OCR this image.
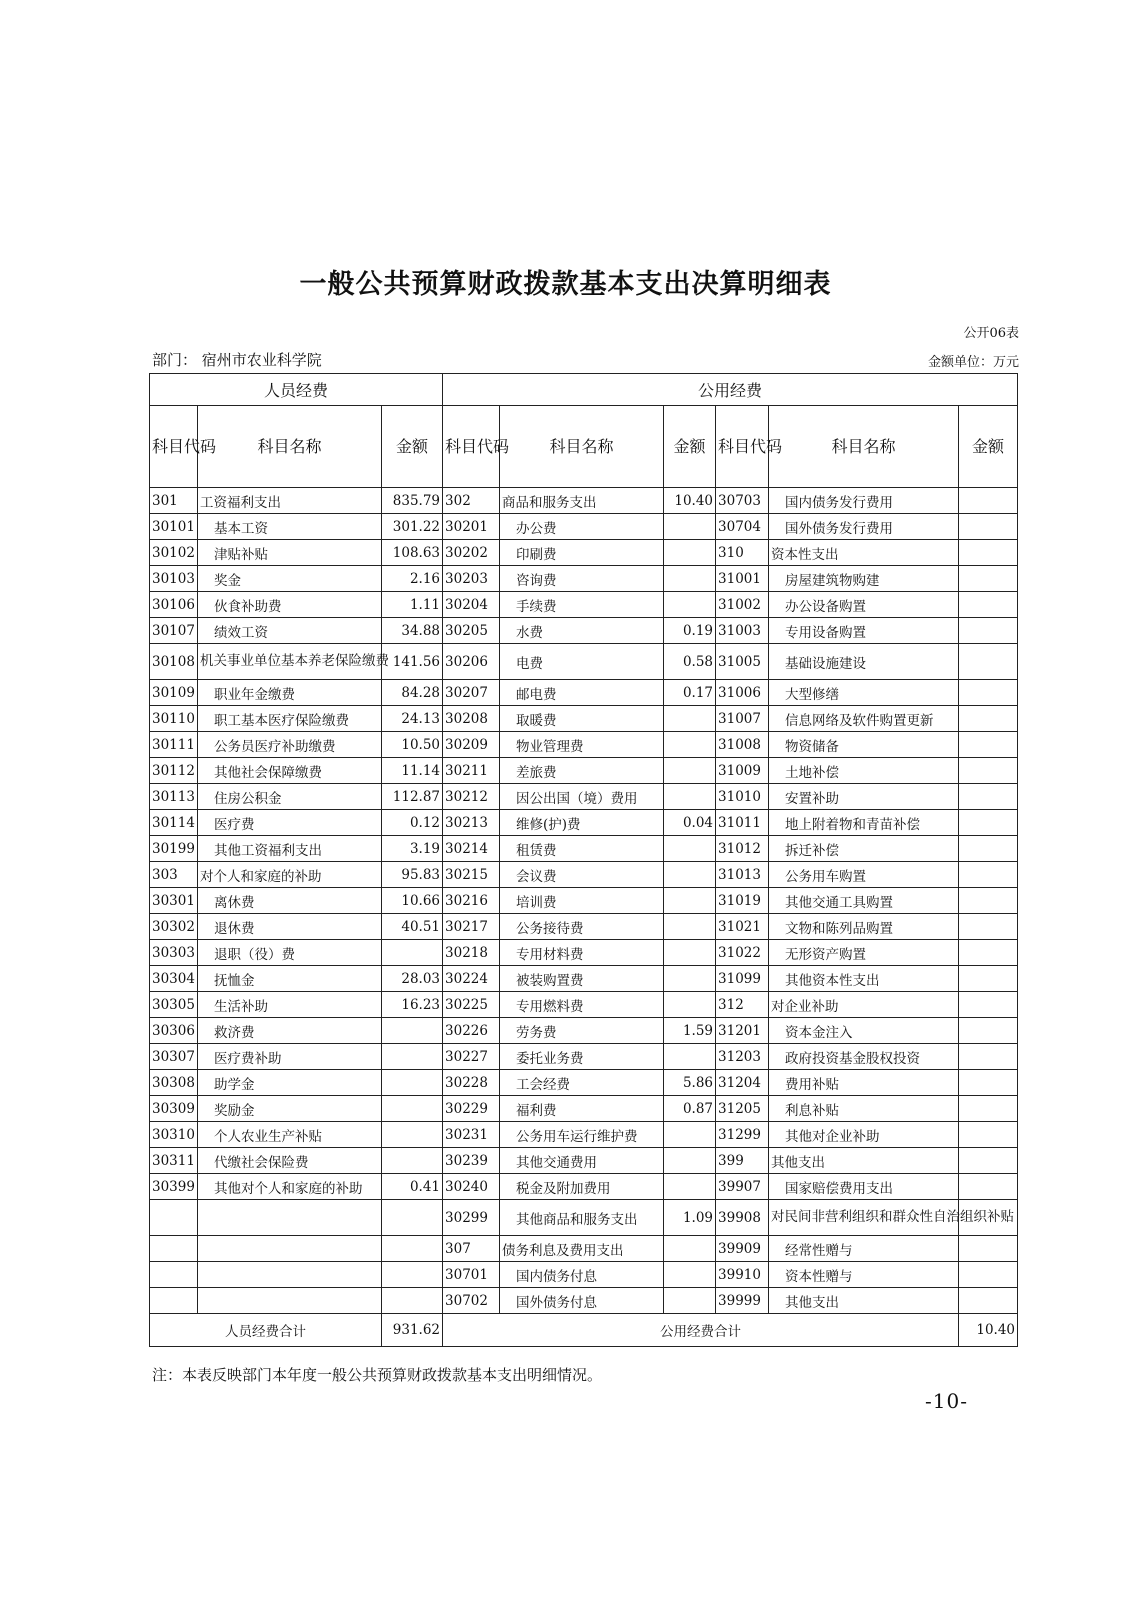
一般公共预算财政拨款基本支出决算明细表
公开06表
部门： 宿州市农业科学院	金额单位：万元
人员经费			公用经费					
科目代码	科目名称	金额	科目代码	科目名称	金额	科目代码	科目名称	金额
301	工资福利支出	835.79	302	商品和服务支出	10.40	30703	国内债务发行费用	
30101	基本工资	301.22	30201	办公费		30704	国外债务发行费用	
30102	津贴补贴	108.63	30202	印刷费		310	资本性支出	
30103	奖金	2.16	30203	咨询费		31001	房屋建筑物购建	
30106	伙食补助费	1.11	30204	手续费		31002	办公设备购置	
30107	绩效工资	34.88	30205	水费	0.19	31003	专用设备购置	
30108	机关事业单位基本养老保险缴费	141.56	30206	电费	0.58	31005	基础设施建设	
30109	职业年金缴费	84.28	30207	邮电费	0.17	31006	大型修缮	
30110	职工基本医疗保险缴费	24.13	30208	取暖费		31007	信息网络及软件购置更新	
30111	公务员医疗补助缴费	10.50	30209	物业管理费		31008	物资储备	
30112	其他社会保障缴费	11.14	30211	差旅费		31009	土地补偿	
30113	住房公积金	112.87	30212	因公出国（境）费用		31010	安置补助	
30114	医疗费	0.12	30213	维修(护)费	0.04	31011	地上附着物和青苗补偿	
30199	其他工资福利支出	3.19	30214	租赁费		31012	拆迁补偿	
303	对个人和家庭的补助	95.83	30215	会议费		31013	公务用车购置	
30301	离休费	10.66	30216	培训费		31019	其他交通工具购置	
30302	退休费	40.51	30217	公务接待费		31021	文物和陈列品购置	
30303	退职（役）费		30218	专用材料费		31022	无形资产购置	
30304	抚恤金	28.03	30224	被装购置费		31099	其他资本性支出	
30305	生活补助	16.23	30225	专用燃料费		312	对企业补助	
30306	救济费		30226	劳务费	1.59	31201	资本金注入	
30307	医疗费补助		30227	委托业务费		31203	政府投资基金股权投资	
30308	助学金		30228	工会经费	5.86	31204	费用补贴	
30309	奖励金		30229	福利费	0.87	31205	利息补贴	
30310	个人农业生产补贴		30231	公务用车运行维护费		31299	其他对企业补助	
30311	代缴社会保险费		30239	其他交通费用		399	其他支出	
30399	其他对个人和家庭的补助	0.41	30240	税金及附加费用		39907	国家赔偿费用支出	
			30299	其他商品和服务支出	1.09	39908	对民间非营利组织和群众性自治组织补贴	
			307	债务利息及费用支出		39909	经常性赠与	
			30701	国内债务付息		39910	资本性赠与	
			30702	国外债务付息		39999	其他支出	
人员经费合计		931.62	公用经费合计					10.40
注：本表反映部门本年度一般公共预算财政拨款基本支出明细情况。
-10-
